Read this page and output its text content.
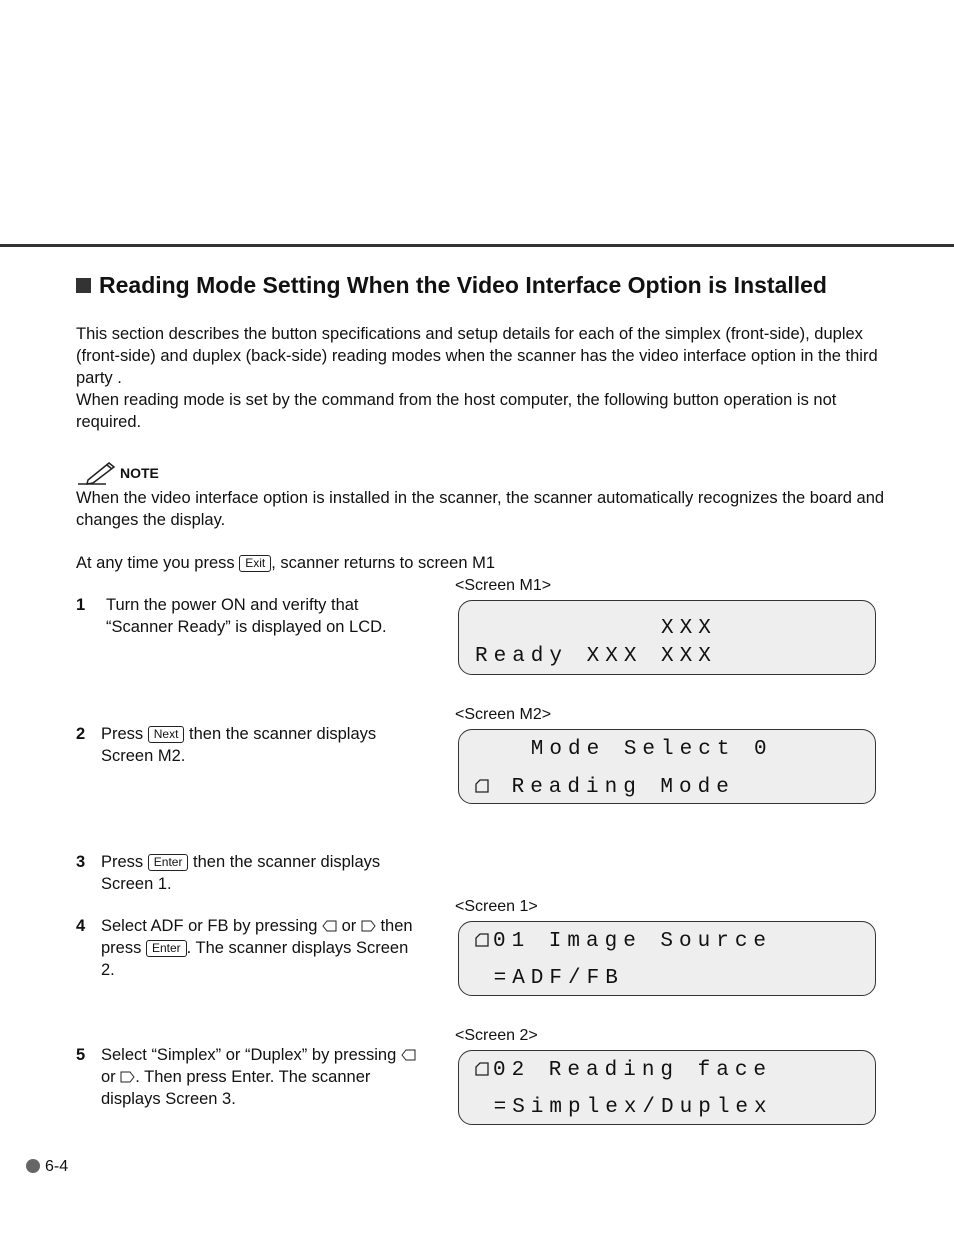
Reading Mode Setting When the Video Interface Option is Installed
This section describes the button specifications and setup details for each of the simplex (front-side), duplex (front-side) and duplex (back-side) reading modes when the scanner has the video interface option in the third party .
When reading mode is set by the command from the host computer, the following button operation is not required.
NOTE
When the video interface option is installed in the scanner, the scanner automatically recognizes the board and changes the display.
At any time you press Exit , scanner returns to screen M1
1	Turn the power ON and verifty that “Scanner Ready” is displayed on LCD.
2 Press Next then the scanner displays Screen M2.
3 Press Enter then the scanner displays Screen 1.
4 Select ADF or FB by pressing  or  then press Enter . The scanner displays Screen 2.
5 Select “Simplex” or “Duplex” by pressing  or . Then press Enter. The scanner displays Screen 3.
<Screen M1>
XXX
Ready XXX XXX
<Screen M2>
Mode Select 0
Reading Mode
<Screen 1>
01 Image Source
=ADF/FB
<Screen 2>
02 Reading face
=Simplex/Duplex
6-4
